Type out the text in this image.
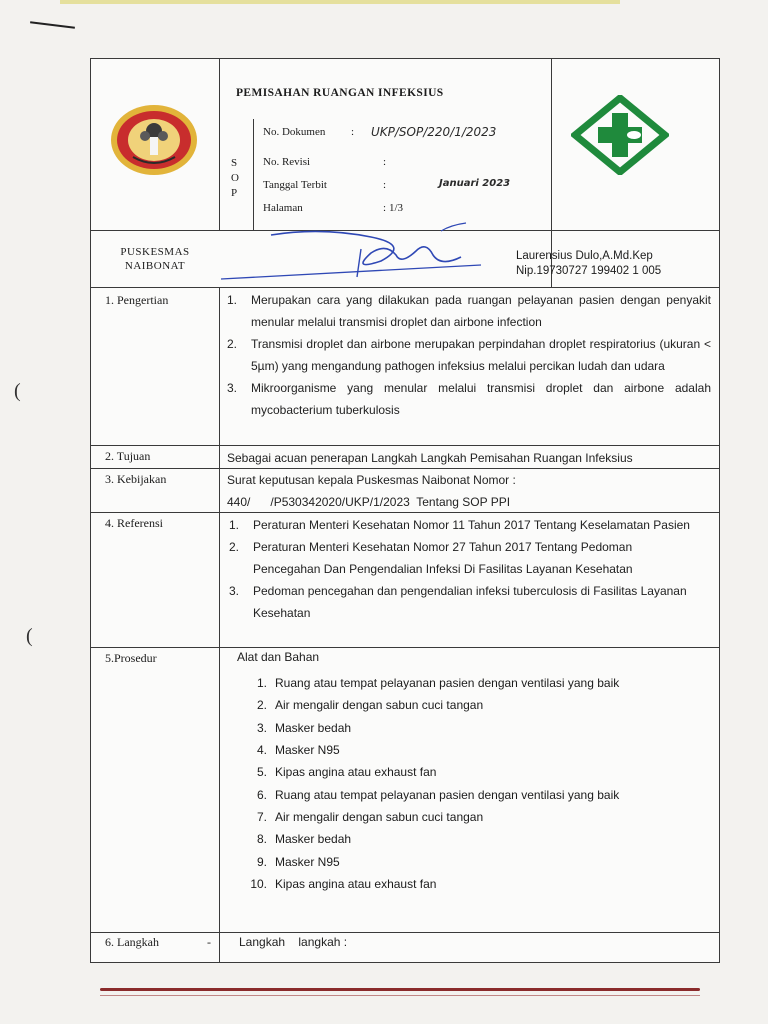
(
(
PEMISAHAN RUANGAN INFEKSIUS
S
O
P
No. Dokumen : UKP/SOP/220/1/2023
No. Revisi	:
Tanggal Terbit	:	Januari 2023
Halaman	: 1/3
PUSKESMAS
NAIBONAT
Laurensius Dulo,A.Md.Kep
Nip.19730727 199402 1 005
1. Pengertian	1.	Merupakan cara yang dilakukan pada ruangan pelayanan pasien dengan penyakit menular melalui transmisi droplet dan airbone infection
2.	Transmisi droplet dan airbone merupakan perpindahan droplet respiratorius (ukuran < 5µm) yang mengandung pathogen infeksius melalui percikan ludah dan udara
3.	Mikroorganisme yang menular melalui transmisi droplet dan airbone adalah mycobacterium tuberkulosis
2. Tujuan	Sebagai acuan penerapan Langkah Langkah Pemisahan Ruangan Infeksius
3. Kebijakan	Surat keputusan kepala Puskesmas Naibonat Nomor :
440/      /P530342020/UKP/1/2023  Tentang SOP PPI
4. Referensi	1.	Peraturan Menteri Kesehatan Nomor 11 Tahun 2017 Tentang Keselamatan Pasien
2.	Peraturan Menteri Kesehatan Nomor 27 Tahun 2017 Tentang Pedoman Pencegahan Dan Pengendalian Infeksi Di Fasilitas Layanan Kesehatan
3.	Pedoman pencegahan dan pengendalian infeksi tuberculosis di Fasilitas Layanan Kesehatan
5.Prosedur	Alat dan Bahan
1. Ruang atau tempat pelayanan pasien dengan ventilasi yang baik
2. Air mengalir dengan sabun cuci tangan
3. Masker bedah
4. Masker N95
5. Kipas angina atau exhaust fan
6. Ruang atau tempat pelayanan pasien dengan ventilasi yang baik
7. Air mengalir dengan sabun cuci tangan
8. Masker bedah
9. Masker N95
10. Kipas angina atau exhaust fan
6. Langkah	- Langkah    langkah :
